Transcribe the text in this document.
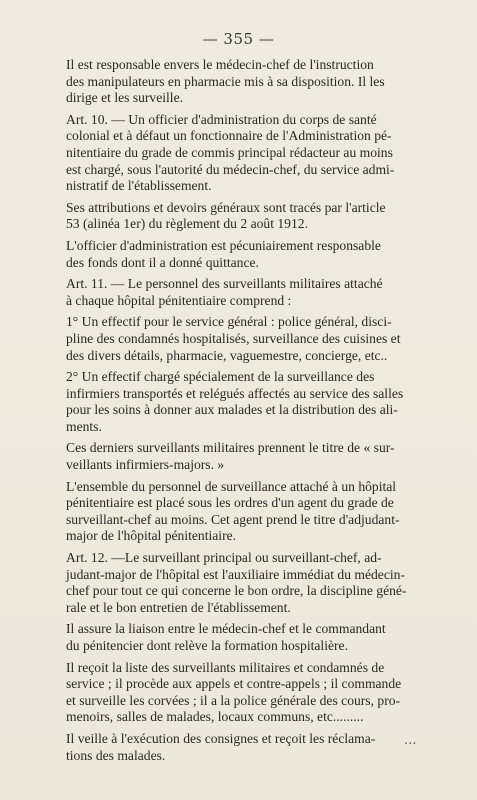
— 355 —
Il est responsable envers le médecin-chef de l'instruction
des manipulateurs en pharmacie mis à sa disposition. Il les
dirige et les surveille.
Art. 10. — Un officier d'administration du corps de santé
colonial et à défaut un fonctionnaire de l'Administration pé-
nitentiaire du grade de commis principal rédacteur au moins
est chargé, sous l'autorité du médecin-chef, du service admi-
nistratif de l'établissement.
Ses attributions et devoirs généraux sont tracés par l'article
53 (alinéa 1er) du règlement du 2 août 1912.
L'officier d'administration est pécuniairement responsable
des fonds dont il a donné quittance.
Art. 11. — Le personnel des surveillants militaires attaché
à chaque hôpital pénitentiaire comprend :
1° Un effectif pour le service général : police général, disci-
pline des condamnés hospitalisés, surveillance des cuisines et
des divers détails, pharmacie, vaguemestre, concierge, etc..
2° Un effectif chargé spécialement de la surveillance des
infirmiers transportés et relégués affectés au service des salles
pour les soins à donner aux malades et la distribution des ali-
ments.
Ces derniers surveillants militaires prennent le titre de « sur-
veillants infirmiers-majors. »
L'ensemble du personnel de surveillance attaché à un hôpital
pénitentiaire est placé sous les ordres d'un agent du grade de
surveillant-chef au moins. Cet agent prend le titre d'adjudant-
major de l'hôpital pénitentiaire.
Art. 12. —Le surveillant principal ou surveillant-chef, ad-
judant-major de l'hôpital est l'auxiliaire immédiat du médecin-
chef pour tout ce qui concerne le bon ordre, la discipline géné-
rale et le bon entretien de l'établissement.
Il assure la liaison entre le médecin-chef et le commandant
du pénitencier dont relève la formation hospitalière.
Il reçoit la liste des surveillants militaires et condamnés de
service ; il procède aux appels et contre-appels ; il commande
et surveille les corvées ; il a la police générale des cours, pro-
menoirs, salles de malades, locaux communs, etc.........
Il veille à l'exécution des consignes et reçoit les réclama-
tions des malades.
...
